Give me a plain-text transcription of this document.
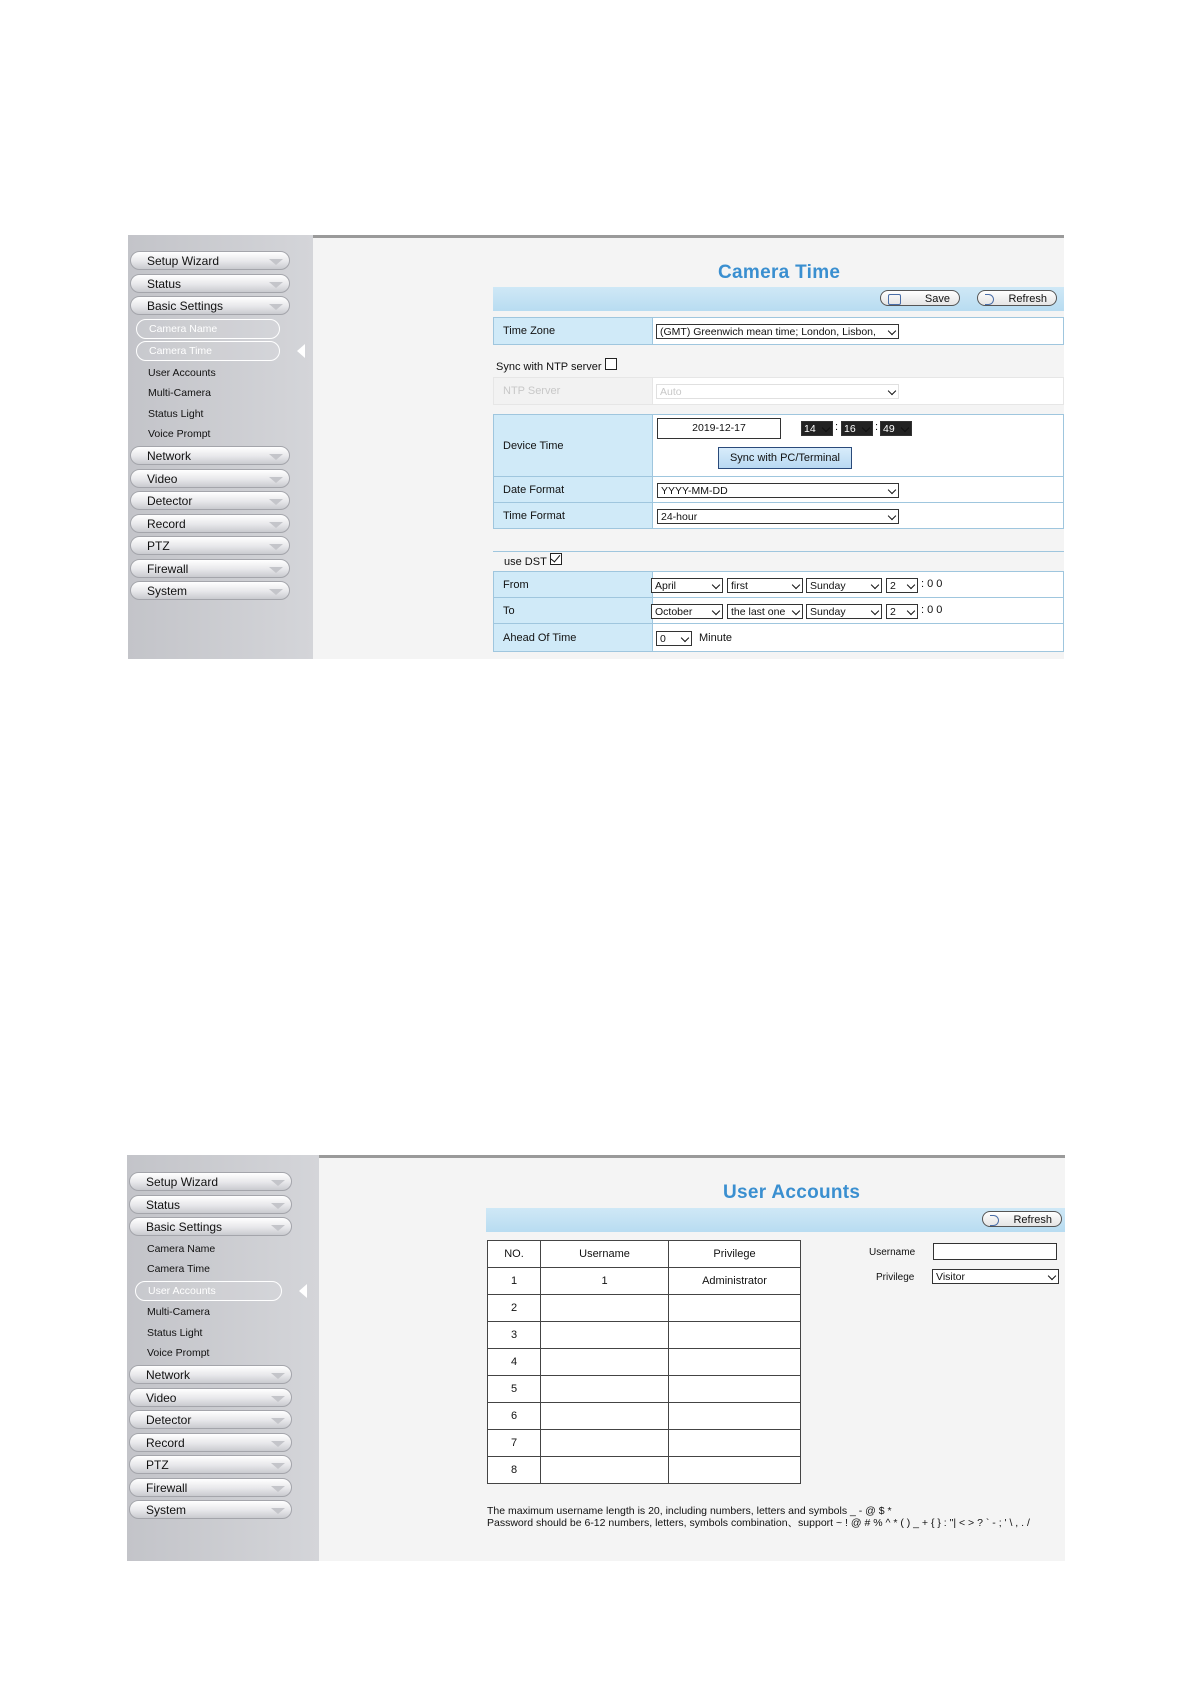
Setup Wizard
Status
Basic Settings
Camera Name
Camera Time
User Accounts
Multi-Camera
Status Light
Voice Prompt
Network
Video
Detector
Record
PTZ
Firewall
System
Camera Time
Save	Refresh
Time Zone	(GMT) Greenwich mean time; London, Lisbon,
Sync with NTP server
NTP Server	Auto
Device Time
2019-12-17	14	: 16	: 49
Sync with PC/Terminal
Date Format	YYYY-MM-DD
Time Format	24-hour
use DST
From	April	first	Sunday	2	: 0 0
To	October	the last one	Sunday	2	: 0 0
Ahead Of Time	0	Minute
Setup Wizard
Status
Basic Settings
Camera Name
Camera Time
User Accounts
Multi-Camera
Status Light
Voice Prompt
Network
Video
Detector
Record
PTZ
Firewall
System
User Accounts
Refresh
NO.	Username	Privilege
1	1	Administrator
2		
3		
4		
5		
6		
7		
8		
Username
Privilege	Visitor
The maximum username length is 20, including numbers, letters and symbols _ - @ $ *
Password should be 6-12 numbers, letters, symbols combination、support ~ ! @ # % ^ * ( ) _ + { } : "| < > ? ` - ; ' \ , . /
